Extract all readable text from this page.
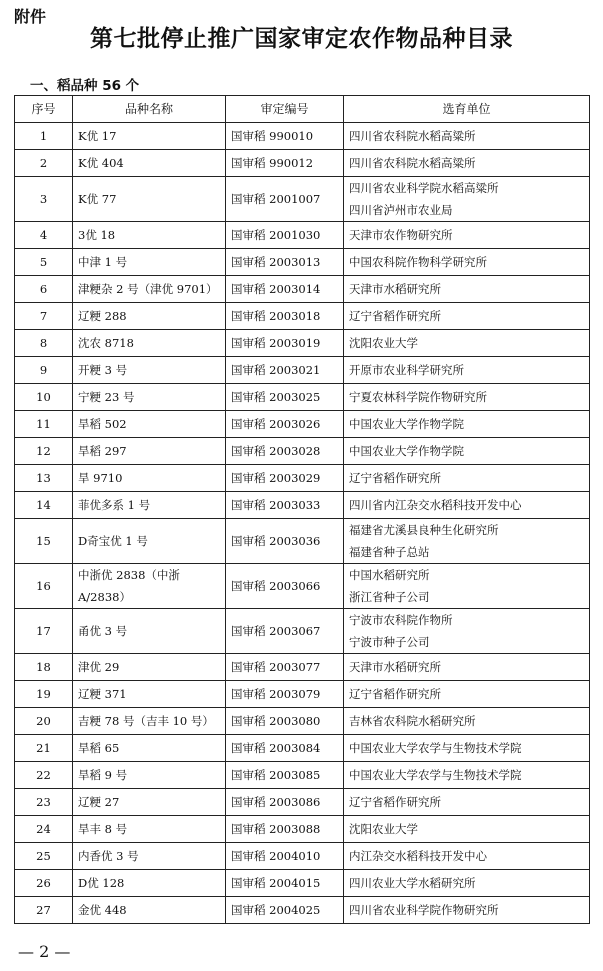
附件
第七批停止推广国家审定农作物品种目录
一、稻品种 56 个
序号	品种名称	审定编号	选育单位
1	K优 17	国审稻 990010	四川省农科院水稻高粱所

2	K优 404	国审稻 990012	四川省农科院水稻高粱所

3	K优 77	国审稻 2001007	四川省农业科学院水稻高粱所
四川省泸州市农业局

4	3优 18	国审稻 2001030	天津市农作物研究所

5	中津 1 号	国审稻 2003013	中国农科院作物科学研究所

6	津粳杂 2 号（津优 9701）	国审稻 2003014	天津市水稻研究所

7	辽粳 288	国审稻 2003018	辽宁省稻作研究所

8	沈农 8718	国审稻 2003019	沈阳农业大学

9	开粳 3 号	国审稻 2003021	开原市农业科学研究所

10	宁粳 23 号	国审稻 2003025	宁夏农林科学院作物研究所

11	旱稻 502	国审稻 2003026	中国农业大学作物学院

12	旱稻 297	国审稻 2003028	中国农业大学作物学院

13	旱 9710	国审稻 2003029	辽宁省稻作研究所

14	菲优多系 1 号	国审稻 2003033	四川省内江杂交水稻科技开发中心

15	D奇宝优 1 号	国审稻 2003036	福建省尤溪县良种生化研究所
福建省种子总站

16	中浙优 2838（中浙
A/2838）	国审稻 2003066	中国水稻研究所
浙江省种子公司

17	甬优 3 号	国审稻 2003067	宁波市农科院作物所
宁波市种子公司

18	津优 29	国审稻 2003077	天津市水稻研究所

19	辽粳 371	国审稻 2003079	辽宁省稻作研究所

20	吉粳 78 号（吉丰 10 号）	国审稻 2003080	吉林省农科院水稻研究所

21	旱稻 65	国审稻 2003084	中国农业大学农学与生物技术学院

22	旱稻 9 号	国审稻 2003085	中国农业大学农学与生物技术学院

23	辽粳 27	国审稻 2003086	辽宁省稻作研究所

24	旱丰 8 号	国审稻 2003088	沈阳农业大学

25	内香优 3 号	国审稻 2004010	内江杂交水稻科技开发中心

26	D优 128	国审稻 2004015	四川农业大学水稻研究所

27	金优 448	国审稻 2004025	四川省农业科学院作物研究所
— 2 —
